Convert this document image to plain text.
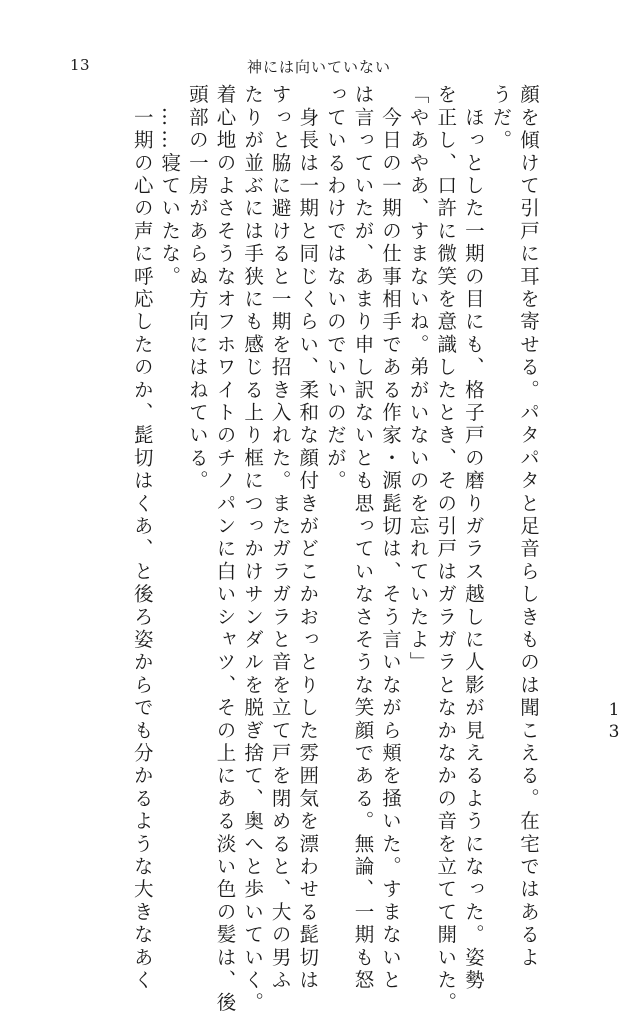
13	神には向いていない

顔を傾けて引戸に耳を寄せる。パタパタと足音らしきものは聞こえる。在宅ではあるよ

うだ。

　ほっとした一期の目にも、格子戸の磨りガラス越しに人影が見えるようになった。姿勢

を正し、口許に微笑を意識したとき、その引戸はガラガラとなかなかの音を立てて開いた。

「やあやあ、すまないね。弟がいないのを忘れていたよ」

　今日の一期の仕事相手である作家・源髭切は、そう言いながら頬を掻いた。すまないと

は言っていたが、あまり申し訳ないとも思っていなさそうな笑顔である。無論、一期も怒

っているわけではないのでいいのだが。

　身長は一期と同じくらい、柔和な顔付きがどこかおっとりした雰囲気を漂わせる髭切は

すっと脇に避けると一期を招き入れた。またガラガラと音を立て戸を閉めると、大の男ふ

たりが並ぶには手狭にも感じる上り框につっかけサンダルを脱ぎ捨て、奥へと歩いていく。

着心地のよさそうなオフホワイトのチノパンに白いシャツ、その上にある淡い色の髪は、後

頭部の一房があらぬ方向にはねている。

　……寝ていたな。

　一期の心の声に呼応したのか、髭切はくあ、と後ろ姿からでも分かるような大きなあく	13
